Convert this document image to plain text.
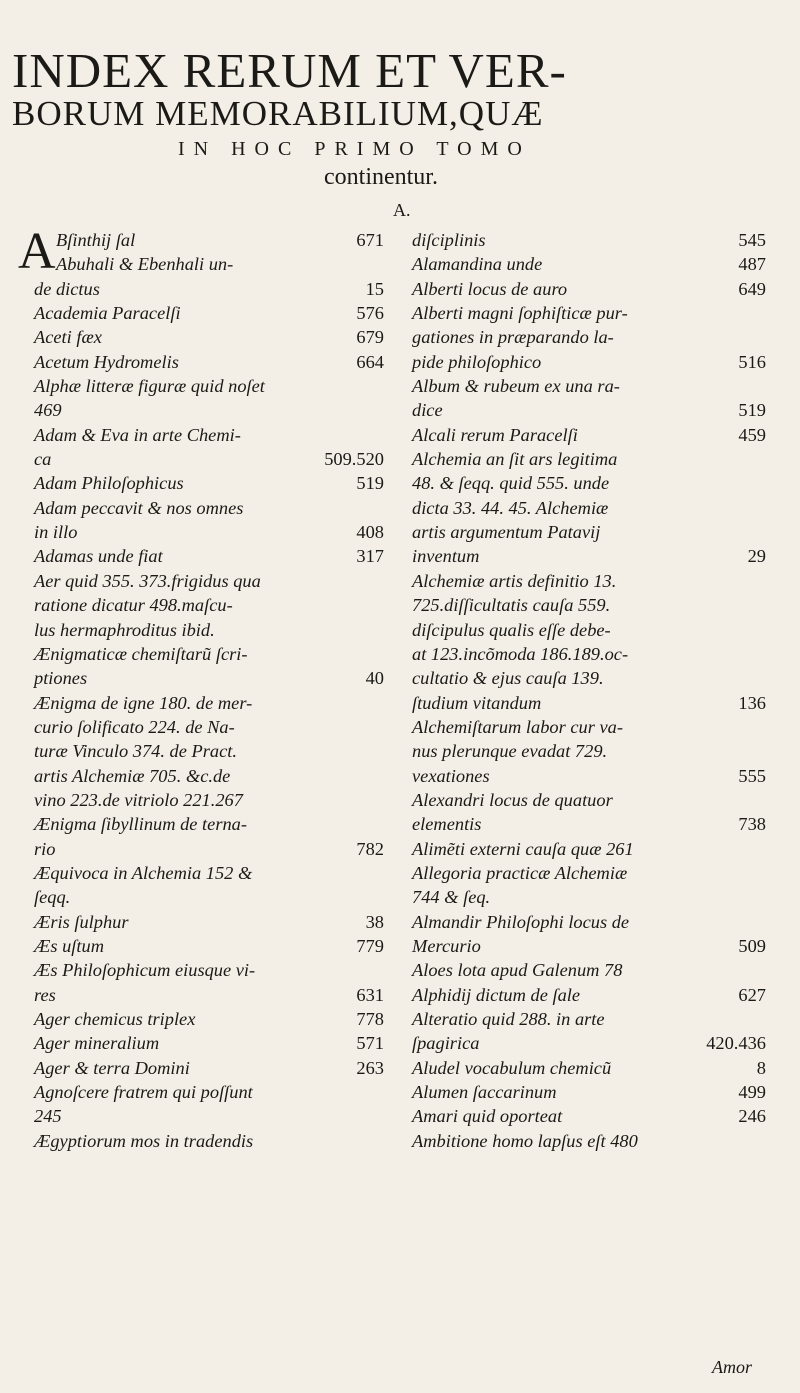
INDEX RERUM ET VER-
BORUM MEMORABILIUM,QUÆ
IN HOC PRIMO TOMO
continentur.
A.
A Bſinthij ſal	671
Abuhali & Ebenhali un-
de dictus	15
Academia Paracelſi	576
Aceti fæx	679
Acetum Hydromelis	664
Alphæ litteræ figuræ quid noſet
469
Adam & Eva in arte Chemi-
ca	509.520
Adam Philoſophicus	519
Adam peccavit & nos omnes
in illo	408
Adamas unde fiat	317
Aer quid 355. 373.frigidus qua
ratione dicatur 498.maſcu-
lus hermaphroditus ibid.
Ænigmaticæ chemiſtarũ ſcri-
ptiones	40
Ænigma de igne 180. de mer-
curio ſolificato 224. de Na-
turæ Vinculo 374. de Pract.
artis Alchemiæ 705. &c.de
vino 223.de vitriolo 221.267
Ænigma ſibyllinum de terna-
rio	782
Æquivoca in Alchemia 152 &
ſeqq.
Æris ſulphur	38
Æs uſtum	779
Æs Philoſophicum eiusque vi-
res	631
Ager chemicus triplex	778
Ager mineralium	571
Ager & terra Domini	263
Agnoſcere fratrem qui poſſunt
245
Ægyptiorum mos in tradendis
diſciplinis	545
Alamandina unde	487
Alberti locus de auro	649
Alberti magni ſophiſticæ pur-
gationes in præparando la-
pide philoſophico	516
Album & rubeum ex una ra-
dice	519
Alcali rerum Paracelſi	459
Alchemia an ſit ars legitima
48. & ſeqq. quid 555. unde
dicta 33. 44. 45. Alchemiæ
artis argumentum Patavij
inventum	29
Alchemiæ artis definitio 13.
725.diſſicultatis cauſa 559.
diſcipulus qualis eſſe debe-
at 123.incõmoda 186.189.oc-
cultatio & ejus cauſa 139.
ſtudium vitandum	136
Alchemiſtarum labor cur va-
nus plerunque evadat 729.
vexationes	555
Alexandri locus de quatuor
elementis	738
Alimẽti externi cauſa quæ 261
Allegoria practicæ Alchemiæ
744 & ſeq.
Almandir Philoſophi locus de
Mercurio	509
Aloes lota apud Galenum 78
Alphidij dictum de ſale	627
Alteratio quid 288. in arte
ſpagirica	420.436
Aludel vocabulum chemicũ	8
Alumen ſaccarinum	499
Amari quid oporteat	246
Ambitione homo lapſus eſt 480
Amor
